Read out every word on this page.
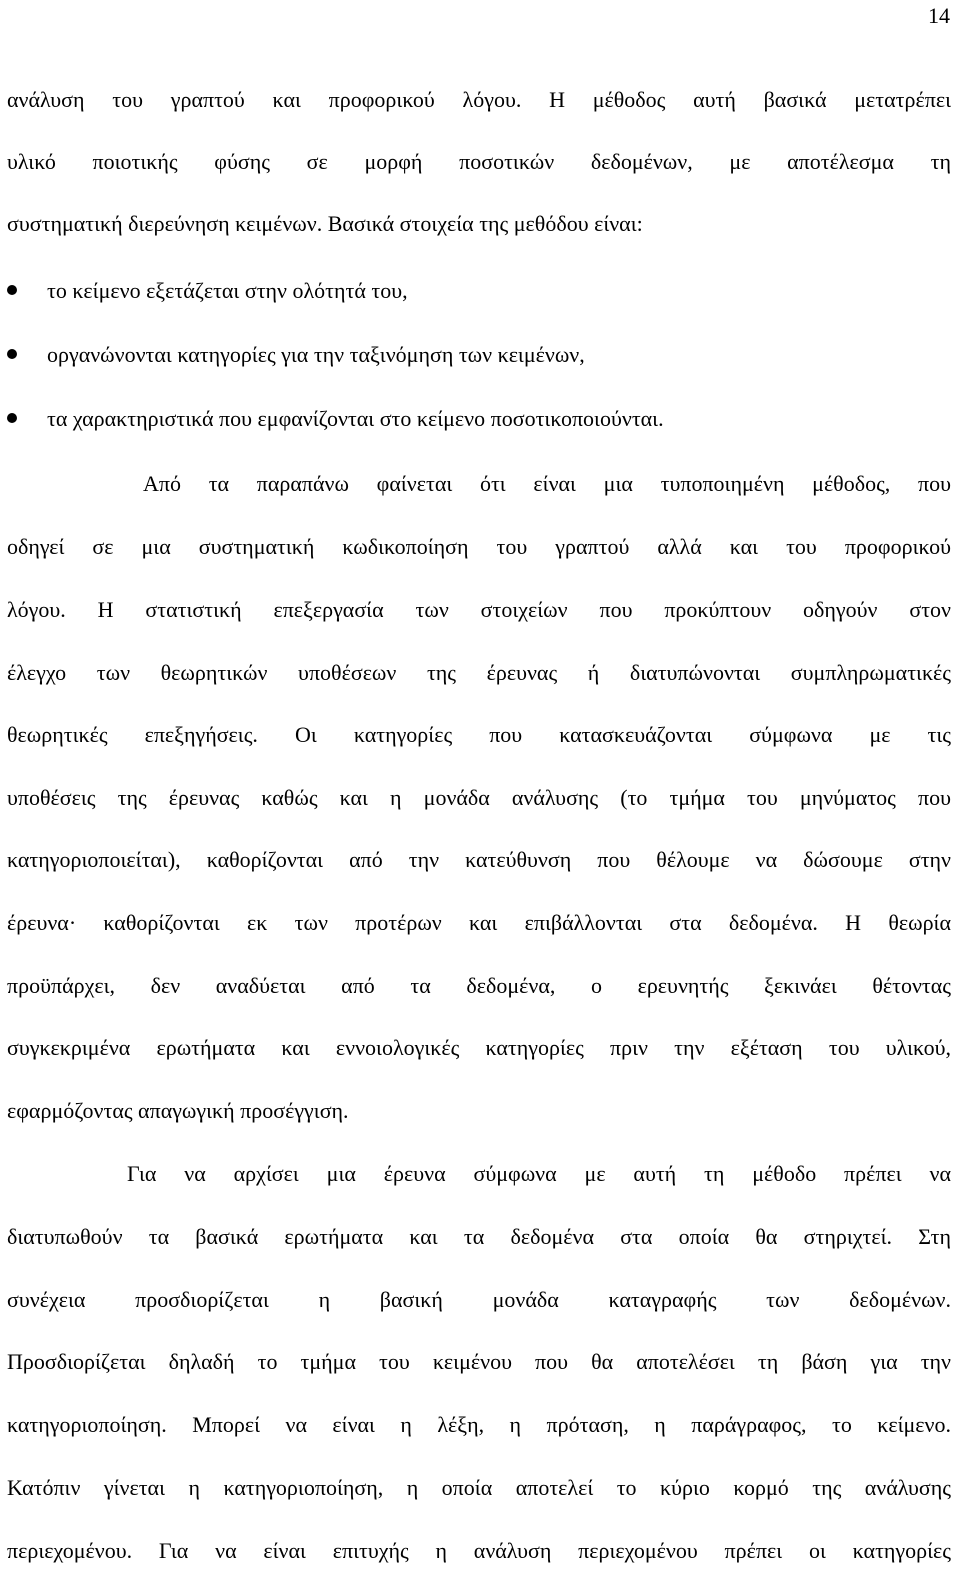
14
ανάλυση του γραπτού και προφορικού λόγου. Η μέθοδος αυτή βασικά μετατρέπει
υλικό ποιοτικής φύσης σε μορφή ποσοτικών δεδομένων, με αποτέλεσμα τη
συστηματική διερεύνηση κειμένων. Βασικά στοιχεία της μεθόδου είναι:
το κείμενο εξετάζεται στην ολότητά του,
οργανώνονται κατηγορίες για την ταξινόμηση των κειμένων,
τα χαρακτηριστικά που εμφανίζονται στο κείμενο ποσοτικοποιούνται.
Από τα παραπάνω φαίνεται ότι είναι μια τυποποιημένη μέθοδος, που
οδηγεί σε μια συστηματική κωδικοποίηση του γραπτού αλλά και του προφορικού
λόγου. Η στατιστική επεξεργασία των στοιχείων που προκύπτουν οδηγούν στον
έλεγχο των θεωρητικών υποθέσεων της έρευνας ή διατυπώνονται συμπληρωματικές
θεωρητικές επεξηγήσεις. Οι κατηγορίες που κατασκευάζονται σύμφωνα με τις
υποθέσεις της έρευνας καθώς και η μονάδα ανάλυσης (το τμήμα του μηνύματος που
κατηγοριοποιείται), καθορίζονται από την κατεύθυνση που θέλουμε να δώσουμε στην
έρευνα· καθορίζονται εκ των προτέρων και επιβάλλονται στα δεδομένα. Η θεωρία
προϋπάρχει, δεν αναδύεται από τα δεδομένα, ο ερευνητής ξεκινάει θέτοντας
συγκεκριμένα ερωτήματα και εννοιολογικές κατηγορίες πριν την εξέταση του υλικού,
εφαρμόζοντας απαγωγική προσέγγιση.
Για να αρχίσει μια έρευνα σύμφωνα με αυτή τη μέθοδο πρέπει να
διατυπωθούν τα βασικά ερωτήματα και τα δεδομένα στα οποία θα στηριχτεί. Στη
συνέχεια προσδιορίζεται η βασική μονάδα καταγραφής των δεδομένων.
Προσδιορίζεται δηλαδή το τμήμα του κειμένου που θα αποτελέσει τη βάση για την
κατηγοριοποίηση. Μπορεί να είναι η λέξη, η πρόταση, η παράγραφος, το κείμενο.
Κατόπιν γίνεται η κατηγοριοποίηση, η οποία αποτελεί το κύριο κορμό της ανάλυσης
περιεχομένου. Για να είναι επιτυχής η ανάλυση περιεχομένου πρέπει οι κατηγορίες
